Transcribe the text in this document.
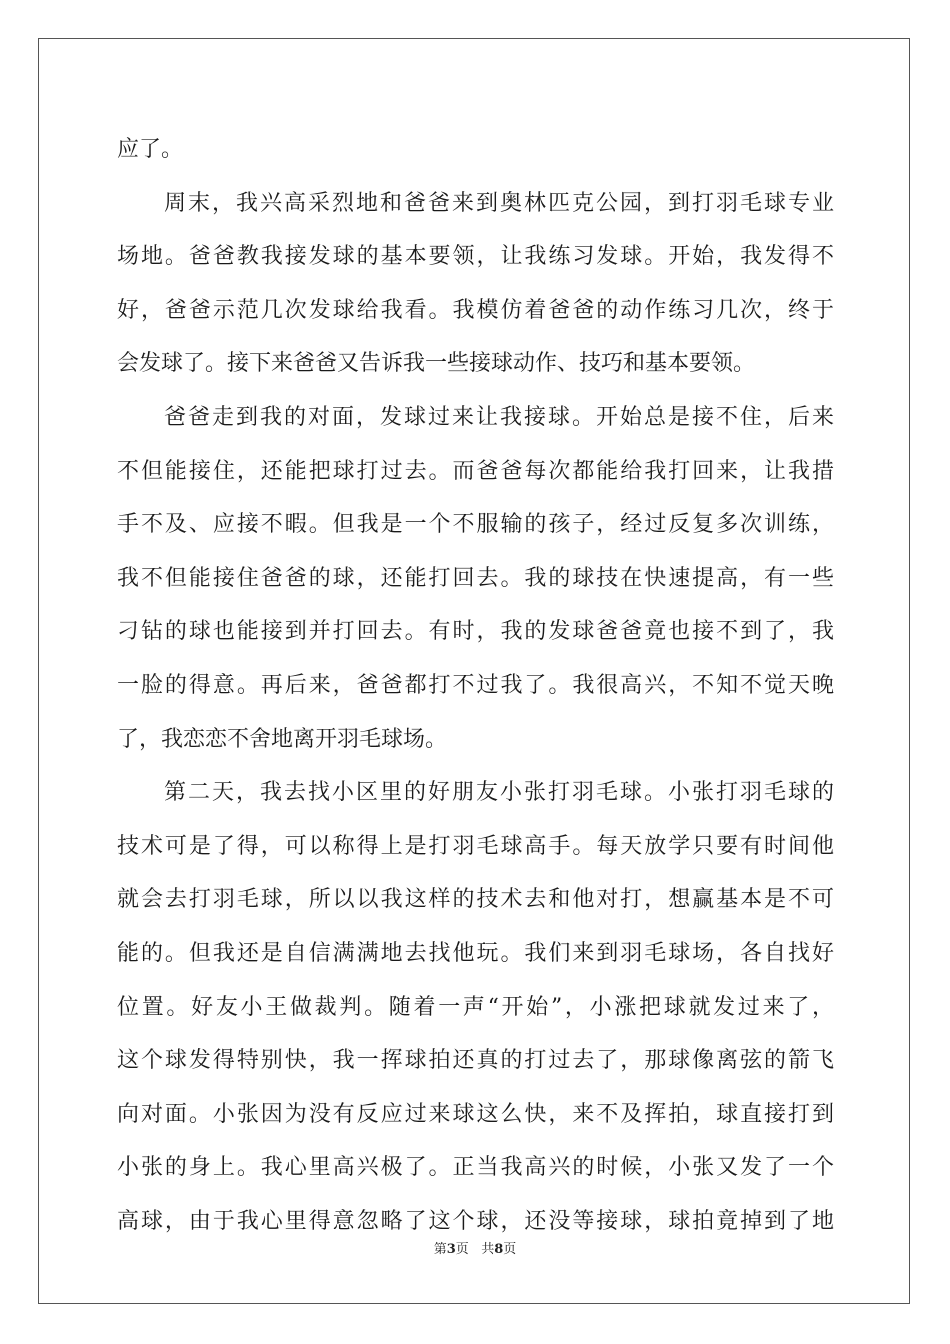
应了。
周末，我兴高采烈地和爸爸来到奥林匹克公园，到打羽毛球专业
场地。爸爸教我接发球的基本要领，让我练习发球。开始，我发得不
好，爸爸示范几次发球给我看。我模仿着爸爸的动作练习几次，终于
会发球了。接下来爸爸又告诉我一些接球动作、技巧和基本要领。
爸爸走到我的对面，发球过来让我接球。开始总是接不住，后来
不但能接住，还能把球打过去。而爸爸每次都能给我打回来，让我措
手不及、应接不暇。但我是一个不服输的孩子，经过反复多次训练，
我不但能接住爸爸的球，还能打回去。我的球技在快速提高，有一些
刁钻的球也能接到并打回去。有时，我的发球爸爸竟也接不到了，我
一脸的得意。再后来，爸爸都打不过我了。我很高兴，不知不觉天晚
了，我恋恋不舍地离开羽毛球场。
第二天，我去找小区里的好朋友小张打羽毛球。小张打羽毛球的
技术可是了得，可以称得上是打羽毛球高手。每天放学只要有时间他
就会去打羽毛球，所以以我这样的技术去和他对打，想赢基本是不可
能的。但我还是自信满满地去找他玩。我们来到羽毛球场，各自找好
位置。好友小王做裁判。随着一声“开始”，小涨把球就发过来了，
这个球发得特别快，我一挥球拍还真的打过去了，那球像离弦的箭飞
向对面。小张因为没有反应过来球这么快，来不及挥拍，球直接打到
小张的身上。我心里高兴极了。正当我高兴的时候，小张又发了一个
高球，由于我心里得意忽略了这个球，还没等接球，球拍竟掉到了地
第3页 共8页
